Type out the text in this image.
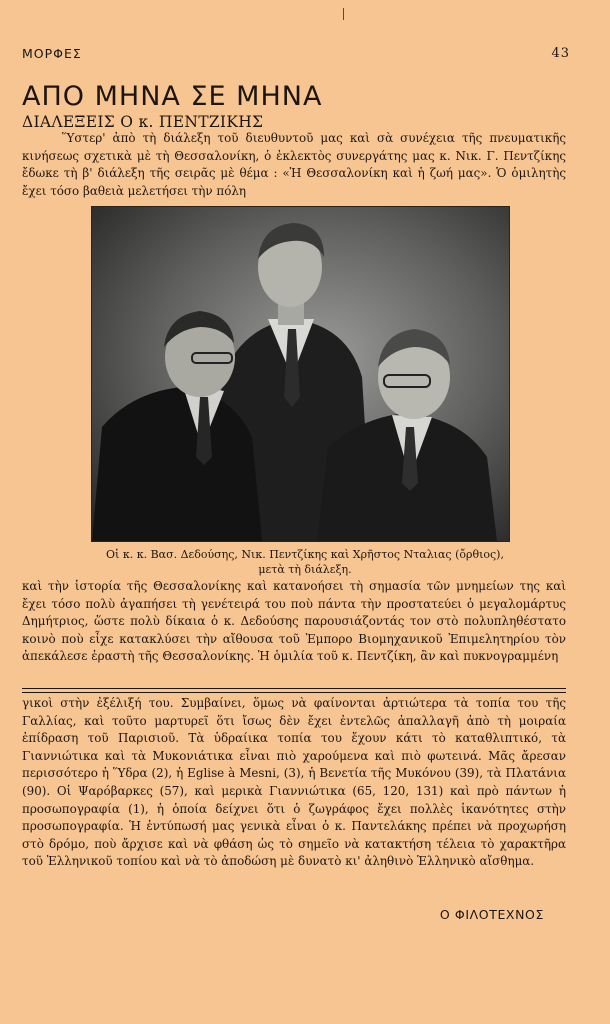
ΜΟΡΦΕΣ	43
ΑΠΟ ΜΗΝΑ ΣΕ ΜΗΝΑ
ΔΙΑΛΕΞΕΙΣ Ο κ. ΠΕΝΤΖΙΚΗΣ

Ὕστερ' ἀπὸ τὴ διάλεξη τοῦ διευθυντοῦ μας καὶ σὰ συνέχεια τῆς πνευματικῆς κινήσεως σχετικὰ μὲ τὴ Θεσσαλονίκη, ὁ ἐκλεκτὸς συνεργάτης μας κ. Νικ. Γ. Πεντζίκης ἔδωκε τὴ β' διάλεξη τῆς σειρᾶς μὲ θέμα : «Ἡ Θεσσαλονίκη καὶ ἡ ζωή μας». Ὁ ὁμιλητὴς ἔχει τόσο βαθειὰ μελετήσει τὴν πόλη

Οἱ κ. κ. Βασ. Δεδούσης, Νικ. Πεντζίκης καὶ Χρῆστος Νταλιας (ὄρθιος),

μετὰ τὴ διάλεξη.

καὶ τὴν ἱστορία τῆς Θεσσαλονίκης καὶ κατανοήσει τὴ σημασία τῶν μνημείων της καὶ ἔχει τόσο πολὺ ἀγαπήσει τὴ γενέτειρά του ποὺ πάντα τὴν προστατεύει ὁ μεγαλομάρτυς Δημήτριος, ὥστε πολὺ δίκαια ὁ κ. Δεδούσης παρουσιάζοντάς τον στὸ πολυπληθέστατο κοινὸ ποὺ εἶχε κατακλύσει τὴν αἴθουσα τοῦ Ἐμπορο Βιομηχανικοῦ Ἐπιμελητηρίου τὸν ἀπεκάλεσε ἐραστὴ τῆς Θεσσαλονίκης. Ἡ ὁμιλία τοῦ κ. Πεντζίκη, ἂν καὶ πυκνογραμμένη

γικοὶ στὴν ἐξέλιξή του. Συμβαίνει, ὅμως νὰ φαίνονται ἀρτιώτερα τὰ τοπία του τῆς Γαλλίας, καὶ τοῦτο μαρτυρεῖ ὅτι ἴσως δὲν ἔχει ἐντελῶς ἀπαλλαγῆ ἀπὸ τὴ μοιραία ἐπίδραση τοῦ Παρισιοῦ. Τὰ ὑδραίικα τοπία του ἔχουν κάτι τὸ καταθλιπτικό, τὰ Γιαννιώτικα καὶ τὰ Μυκονιάτικα εἶναι πιὸ χαρούμενα καὶ πιὸ φωτεινά. Μᾶς ἄρεσαν περισσότερο ἡ Ὕδρα (2), ἡ Eglise à Mesni, (3), ἡ Βενετία τῆς Μυκόνου (39), τὰ Πλατάνια (90). Οἱ Ψαρόβαρκες (57), καὶ μερικὰ Γιαννιώτικα (65, 120, 131) καὶ πρὸ πάντων ἡ προσωπογραφία (1), ἡ ὁποία δείχνει ὅτι ὁ ζωγράφος ἔχει πολλὲς ἱκανότητες στὴν προσωπογραφία. Ἡ ἐντύπωσή μας γενικὰ εἶναι ὁ κ. Παντελάκης πρέπει νὰ προχωρήση στὸ δρόμο, ποὺ ἄρχισε καὶ νὰ φθάση ὡς τὸ σημεῖο νὰ κατακτήση τέλεια τὸ χαρακτῆρα τοῦ Ἑλληνικοῦ τοπίου καὶ νὰ τὸ ἀποδώση μὲ δυνατὸ κι' ἀληθινὸ Ἑλληνικὸ αἴσθημα.

Ο ΦΙΛΟΤΕΧΝΟΣ
